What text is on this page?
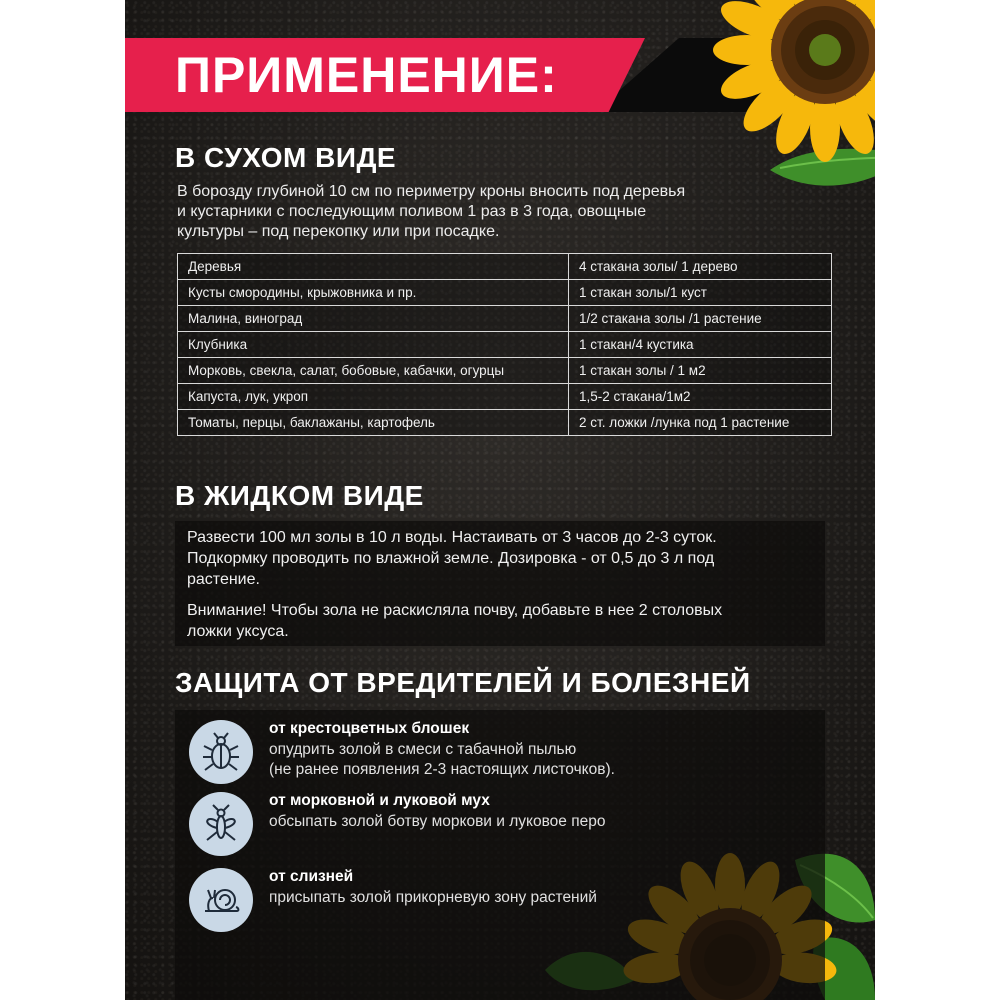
ПРИМЕНЕНИЕ:
В СУХОМ ВИДЕ

В борозду глубиной 10 см по периметру кроны вносить под деревья
и кустарники с последующим поливом 1 раз в 3 года, овощные
культуры – под перекопку или при посадке.

Деревья	4 стакана золы/ 1 дерево
Кусты смородины, крыжовника и пр.	1 стакан золы/1 куст
Малина, виноград	1/2 стакана золы /1 растение
Клубника	1 стакан/4 кустика
Морковь, свекла, салат, бобовые, кабачки, огурцы	1 стакан золы / 1 м2
Капуста, лук, укроп	1,5-2 стакана/1м2
Томаты, перцы, баклажаны, картофель	2 ст. ложки /лунка под 1 растение
В ЖИДКОМ ВИДЕ

Развести 100 мл золы в 10 л воды. Настаивать от 3 часов до 2-3 суток.
Подкормку проводить по влажной земле. Дозировка - от 0,5 до 3 л под
растение.

Внимание! Чтобы зола не раскисляла почву, добавьте в нее 2 столовых
ложки уксуса.

ЗАЩИТА ОТ ВРЕДИТЕЛЕЙ И БОЛЕЗНЕЙ

от крестоцветных блошек

опудрить золой в смеси с табачной пылью
(не ранее появления 2-3 настоящих листочков).

от морковной и луковой мух

обсыпать золой ботву моркови и луковое перо

от слизней

присыпать золой прикорневую зону растений
